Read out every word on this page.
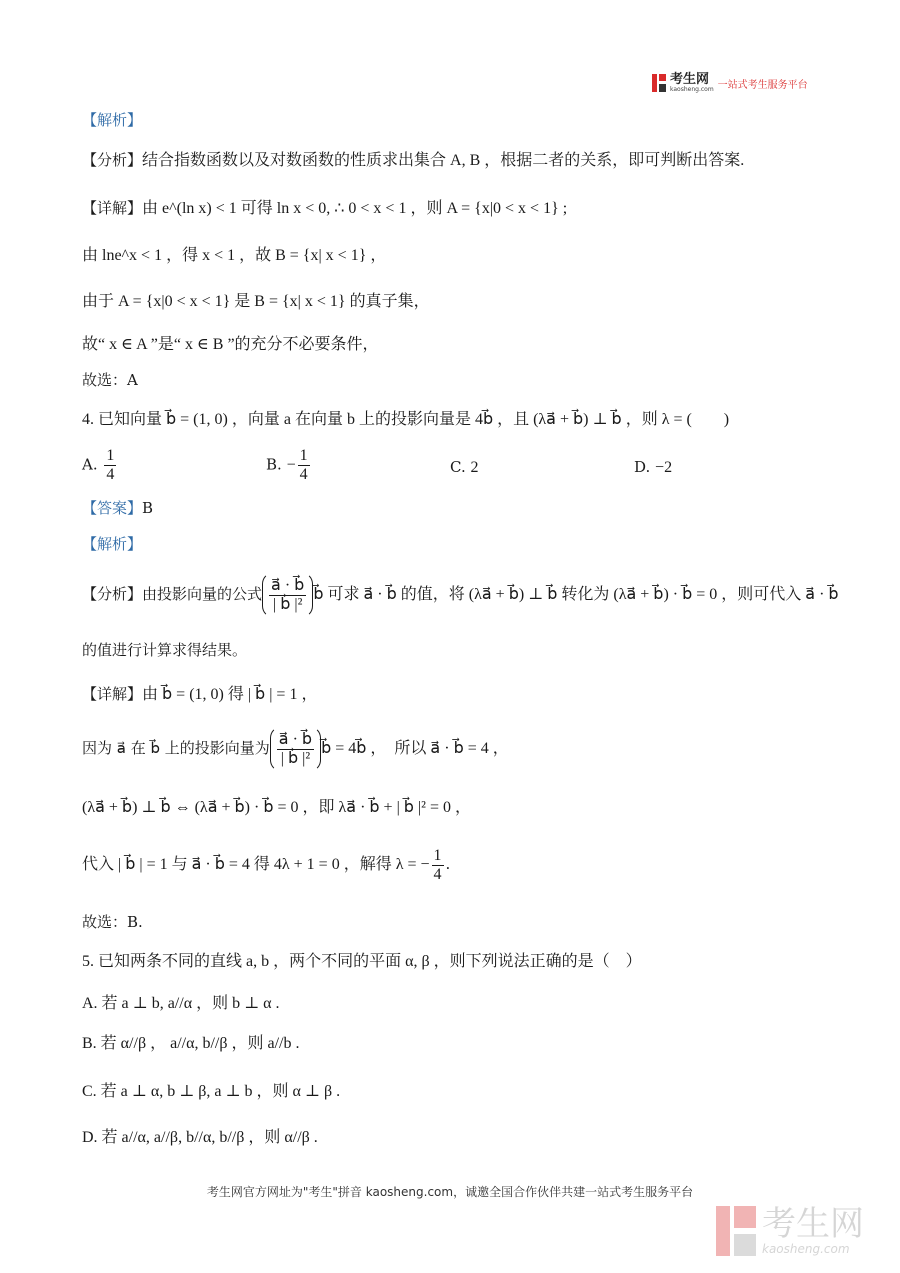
考生网
kaosheng.com 一站式考生服务平台
【解析】
【分析】结合指数函数以及对数函数的性质求出集合 A, B ，根据二者的关系，即可判断出答案.
【详解】由 e^(ln x) < 1 可得 ln x < 0, ∴ 0 < x < 1 ，则 A = {x|0 < x < 1} ;
由 lne^x < 1 ，得 x < 1 ，故 B = {x| x < 1} ，
由于 A = {x|0 < x < 1} 是 B = {x| x < 1} 的真子集，
故“ x ∈ A ”是“ x ∈ B ”的充分不必要条件，
故选：A
4. 已知向量 b⃗ = (1, 0) ，向量 a 在向量 b 上的投影向量是 4b⃗ ，且 (λa⃗ + b⃗) ⊥ b⃗ ，则 λ = (　　)
A. $\frac{1}{4}$	B. − $\frac{1}{4}$	C. 2	D. −2
【答案】B
【解析】
【分析】由投影向量的公式 $\frac{a⃗ \cdot b⃗}{\text{| b⃗ |²}}$ b⃗ 可求 a⃗ · b⃗ 的值，将 (λa⃗ + b⃗) ⊥ b⃗ 转化为 (λa⃗ + b⃗) · b⃗ = 0 ，则可代入 a⃗ · b⃗
的值进行计算求得结果。
【详解】由 b⃗ = (1, 0) 得 | b⃗ | = 1 ，
因为 a⃗ 在 b⃗ 上的投影向量为 $\frac{a⃗ \cdot b⃗}{\text{| b⃗ |²}}$ b⃗ = 4b⃗ ，　所以 a⃗ · b⃗ = 4 ，
(λa⃗ + b⃗) ⊥ b⃗ ⇔ (λa⃗ + b⃗) · b⃗ = 0 ，即 λa⃗ · b⃗ + | b⃗ |² = 0 ，
代入 | b⃗ | = 1 与 a⃗ · b⃗ = 4 得 4λ + 1 = 0 ，解得 λ = − $\frac{1}{4}$ .
故选：B.
5. 已知两条不同的直线 a, b ，两个不同的平面 α, β ，则下列说法正确的是（　）
A. 若 a ⊥ b, a//α ，则 b ⊥ α .
B. 若 α//β ， a//α, b//β ，则 a//b .
C. 若 a ⊥ α, b ⊥ β, a ⊥ b ，则 α ⊥ β .
D. 若 a//α, a//β, b//α, b//β ，则 α//β .
考生网官方网址为"考生"拼音 kaosheng.com，诚邀全国合作伙伴共建一站式考生服务平台
考生网
kaosheng.com
